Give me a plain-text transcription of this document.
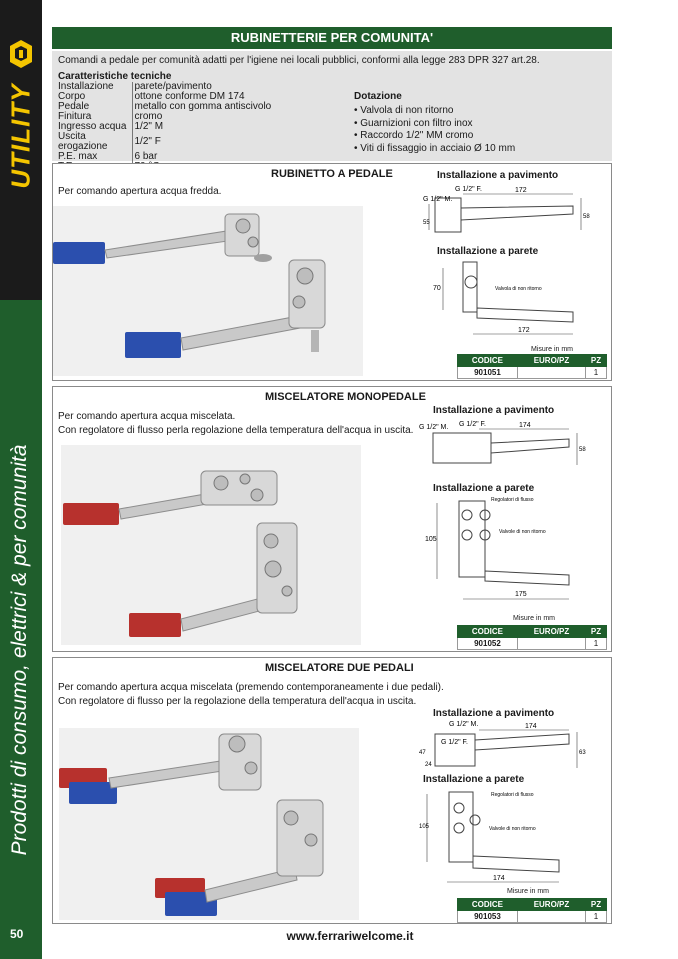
UTILITY
Prodotti di consumo, elettrici & per comunità
50
RUBINETTERIE PER COMUNITA'
Comandi a pedale per comunità adatti per l'igiene nei locali pubblici, conformi alla legge 283 DPR 327 art.28.
Caratteristiche tecniche
Installazione	parete/pavimento
Corpo	ottone conforme DM 174
Pedale	metallo con gomma antiscivolo
Finitura	cromo
Ingresso acqua	1/2" M
Uscita erogazione	1/2" F
P.E. max	6 bar

Dotazione
• Valvola di non ritorno
• Guarnizioni con filtro inox
• Raccordo 1/2" MM cromo
• Viti di fissaggio in acciaio Ø 10 mm
RUBINETTO A PEDALE
Per comando apertura acqua fredda.
Installazione a pavimento
G 1/2" F.
G 1/2" M.
172
55
58
Installazione a parete
70
172
Valvola di non ritorno
Misure in mm
CODICE	EURO/PZ	PZ
901051		1
MISCELATORE MONOPEDALE
Per comando apertura acqua miscelata.
Con regolatore di flusso perla regolazione della temperatura dell'acqua in uscita.
Installazione a pavimento
G 1/2" F.
G 1/2" M.	174
58
Installazione a parete
105
175
Regolatori di flusso
Valvole di non ritorno
Misure in mm
CODICE	EURO/PZ	PZ
901052		1
MISCELATORE DUE PEDALI
Per comando apertura acqua miscelata (premendo contemporaneamente i due pedali).
Con regolatore di flusso per la regolazione della temperatura dell'acqua in uscita.
Installazione a pavimento
G 1/2" M.
G 1/2" F.
174
47
24
63
Installazione a parete
105
174
Regolatori di flusso
Valvole di non ritorno
Misure in mm
CODICE	EURO/PZ	PZ
901053		1
www.ferrariwelcome.it
